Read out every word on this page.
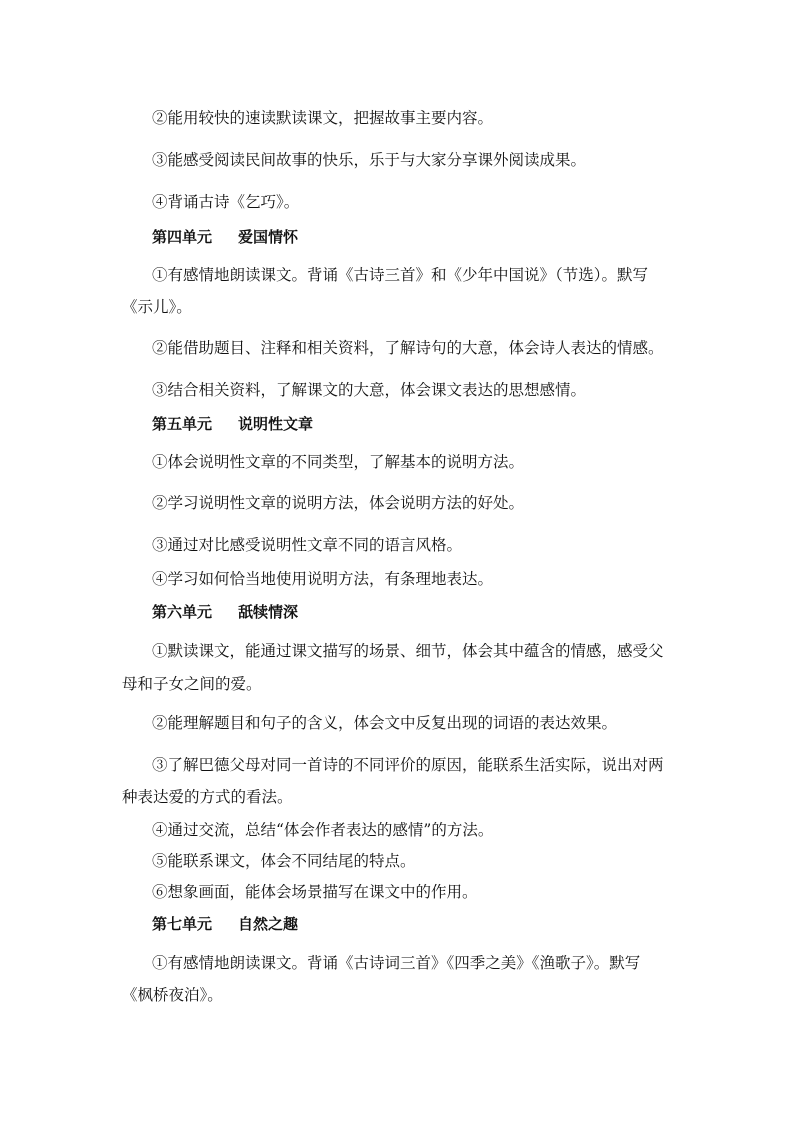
②能用较快的速读默读课文，把握故事主要内容。
③能感受阅读民间故事的快乐，乐于与大家分享课外阅读成果。
④背诵古诗《乞巧》。
第四单元 爱国情怀
①有感情地朗读课文。背诵《古诗三首》和《少年中国说》（节选）。默写
《示儿》。
②能借助题目、注释和相关资料，了解诗句的大意，体会诗人表达的情感。
③结合相关资料，了解课文的大意，体会课文表达的思想感情。
第五单元 说明性文章
①体会说明性文章的不同类型，了解基本的说明方法。
②学习说明性文章的说明方法，体会说明方法的好处。
③通过对比感受说明性文章不同的语言风格。
④学习如何恰当地使用说明方法，有条理地表达。
第六单元 舐犊情深
①默读课文，能通过课文描写的场景、细节，体会其中蕴含的情感，感受父
母和子女之间的爱。
②能理解题目和句子的含义，体会文中反复出现的词语的表达效果。
③了解巴德父母对同一首诗的不同评价的原因，能联系生活实际，说出对两
种表达爱的方式的看法。
④通过交流，总结“体会作者表达的感情”的方法。
⑤能联系课文，体会不同结尾的特点。
⑥想象画面，能体会场景描写在课文中的作用。
第七单元 自然之趣
①有感情地朗读课文。背诵《古诗词三首》《四季之美》《渔歌子》。默写
《枫桥夜泊》。
